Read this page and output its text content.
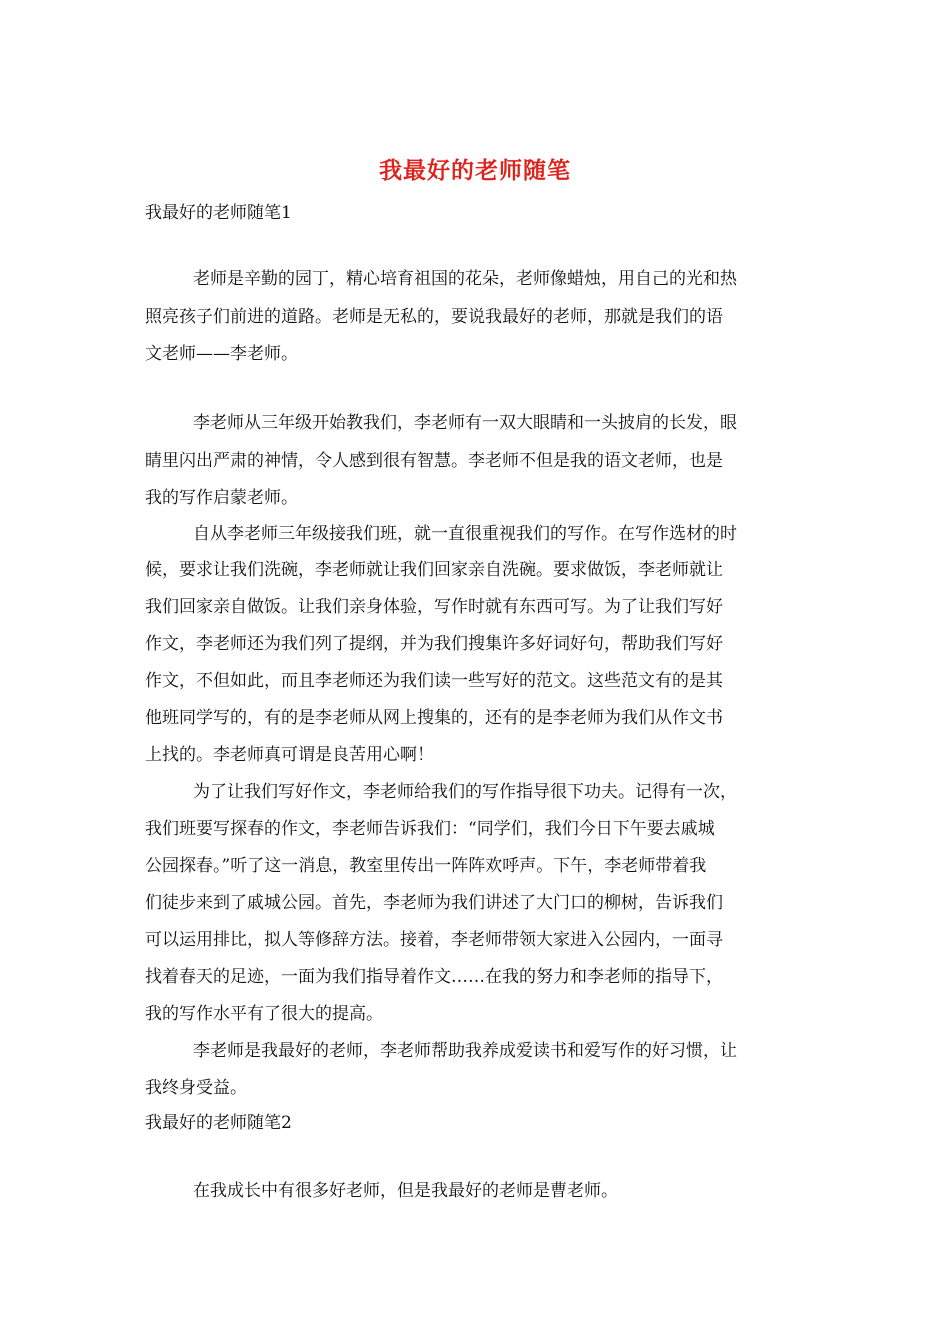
我最好的老师随笔
我最好的老师随笔1
老师是辛勤的园丁，精心培育祖国的花朵，老师像蜡烛，用自己的光和热
照亮孩子们前进的道路。老师是无私的，要说我最好的老师，那就是我们的语
文老师——李老师。
李老师从三年级开始教我们，李老师有一双大眼睛和一头披肩的长发，眼
睛里闪出严肃的神情，令人感到很有智慧。李老师不但是我的语文老师，也是
我的写作启蒙老师。
自从李老师三年级接我们班，就一直很重视我们的写作。在写作选材的时
候，要求让我们洗碗，李老师就让我们回家亲自洗碗。要求做饭，李老师就让
我们回家亲自做饭。让我们亲身体验，写作时就有东西可写。为了让我们写好
作文，李老师还为我们列了提纲，并为我们搜集许多好词好句，帮助我们写好
作文，不但如此，而且李老师还为我们读一些写好的范文。这些范文有的是其
他班同学写的，有的是李老师从网上搜集的，还有的是李老师为我们从作文书
上找的。李老师真可谓是良苦用心啊！
为了让我们写好作文，李老师给我们的写作指导很下功夫。记得有一次，
我们班要写探春的作文，李老师告诉我们：“同学们，我们今日下午要去戚城
公园探春。”听了这一消息，教室里传出一阵阵欢呼声。下午，李老师带着我
们徒步来到了戚城公园。首先，李老师为我们讲述了大门口的柳树，告诉我们
可以运用排比，拟人等修辞方法。接着，李老师带领大家进入公园内，一面寻
找着春天的足迹，一面为我们指导着作文……在我的努力和李老师的指导下，
我的写作水平有了很大的提高。
李老师是我最好的老师，李老师帮助我养成爱读书和爱写作的好习惯，让
我终身受益。
我最好的老师随笔2
在我成长中有很多好老师，但是我最好的老师是曹老师。
